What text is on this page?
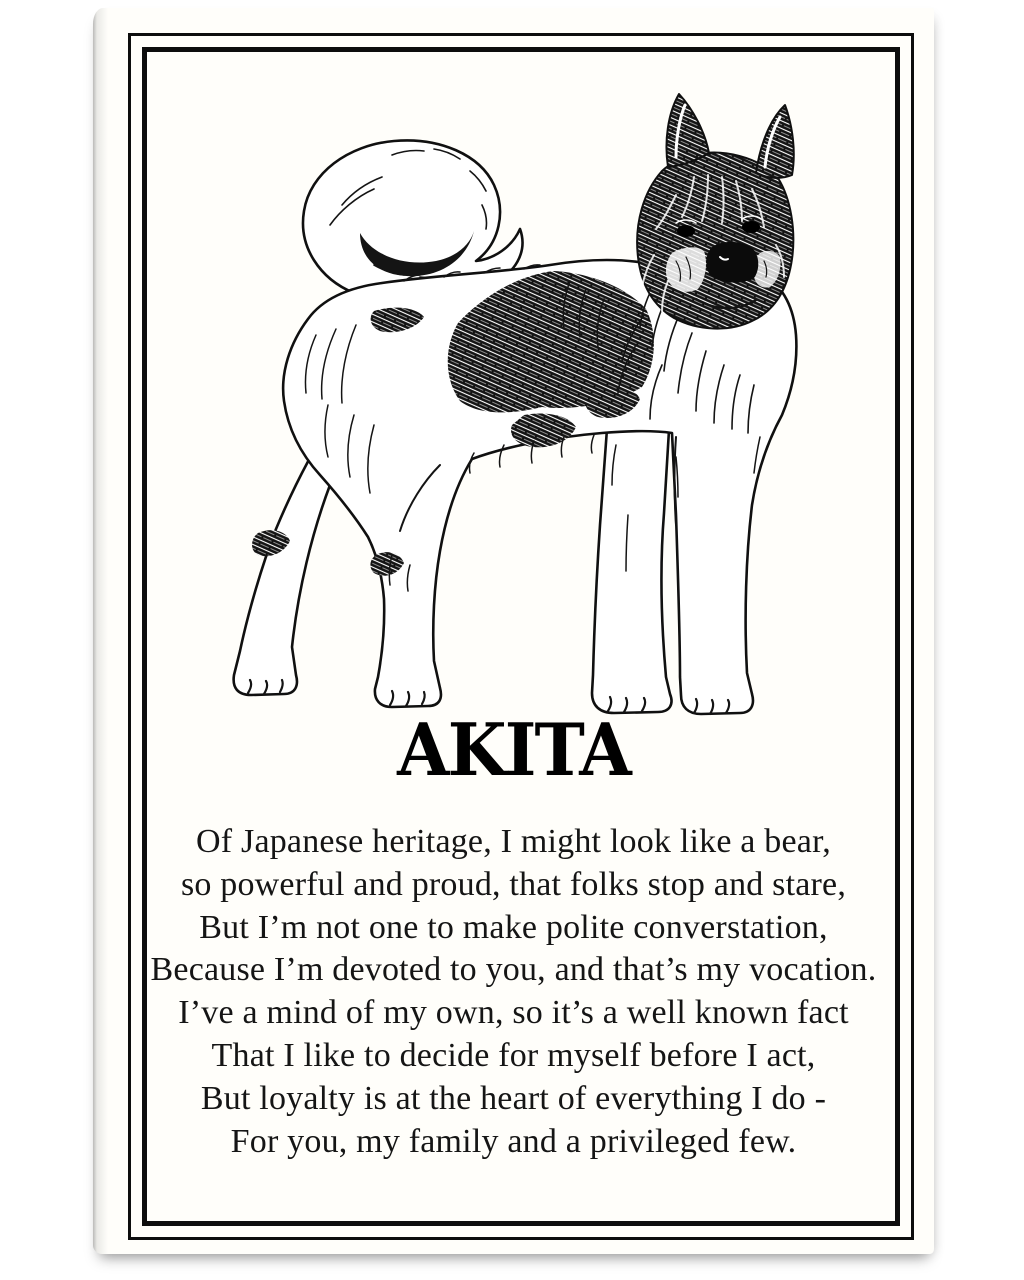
AKITA
Of Japanese heritage, I might look like a bear,
so powerful and proud, that folks stop and stare,
But I’m not one to make polite converstation,
Because I’m devoted to you, and that’s my vocation.
I’ve a mind of my own, so it’s a well known fact
That I like to decide for myself before I act,
But loyalty is at the heart of everything I do -
For you, my family and a privileged few.
